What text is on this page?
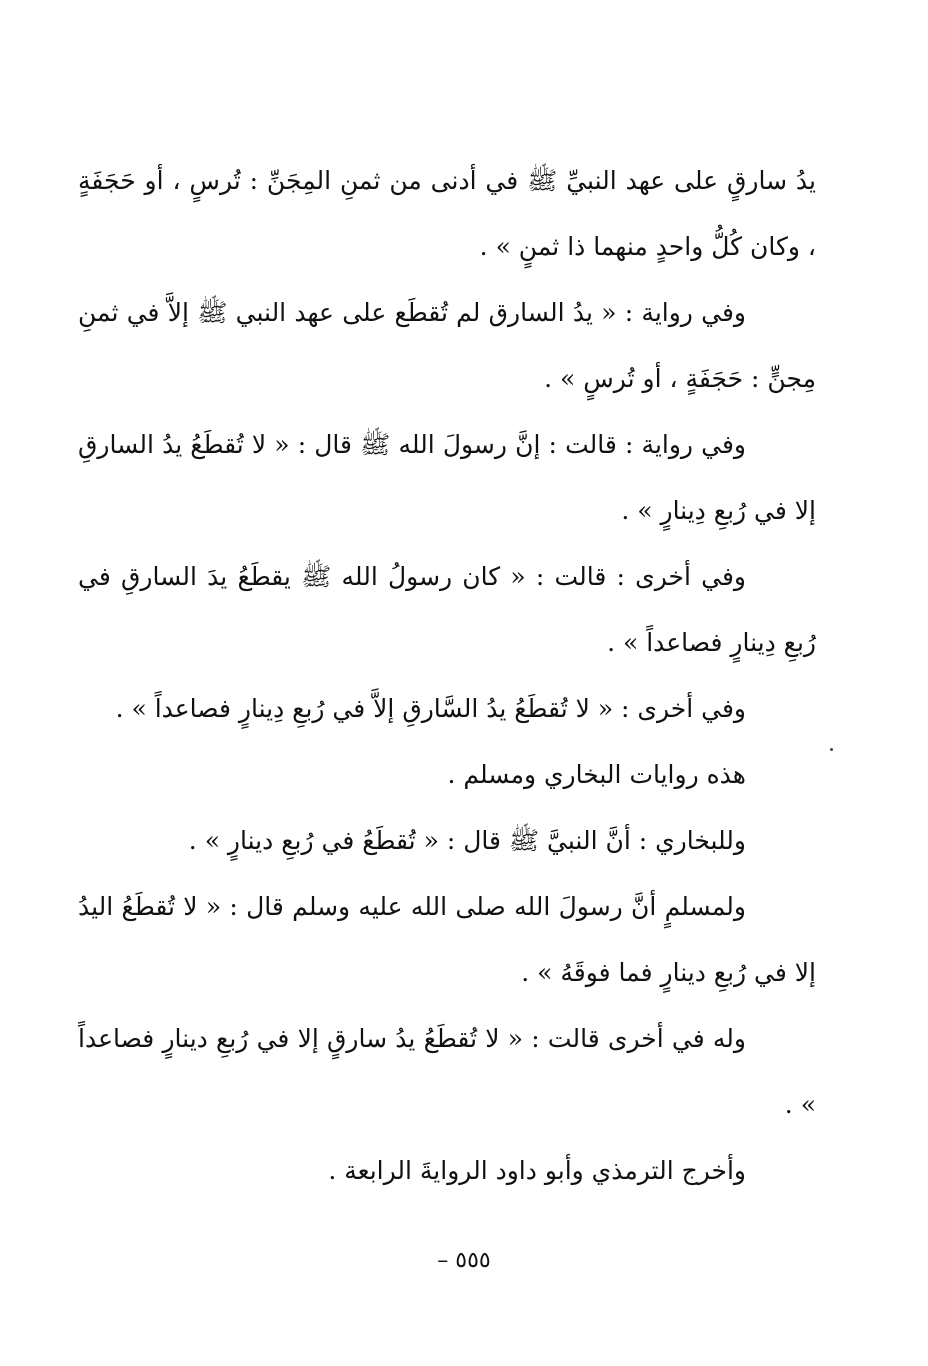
يدُ سارقٍ على عهد النبيِّ ﷺ في أدنى من ثمنِ المِجَنِّ : تُرسٍ ، أو حَجَفَةٍ ، وكان كُلُّ واحدٍ منهما ذا ثمنٍ » .

وفي رواية : « يدُ السارق لم تُقطَع على عهد النبي ﷺ إلاَّ في ثمنِ مِجنٍّ : حَجَفَةٍ ، أو تُرسٍ » .

وفي رواية : قالت : إنَّ رسولَ الله ﷺ قال : « لا تُقطَعُ يدُ السارقِ إلا في رُبعِ دِينارٍ » .

وفي أخرى : قالت : « كان رسولُ الله ﷺ يقطَعُ يدَ السارقِ في رُبعِ دِينارٍ فصاعداً » .

وفي أخرى : « لا تُقطَعُ يدُ السَّارقِ إلاَّ في رُبعِ دِينارٍ فصاعداً » .

هذه روايات البخاري ومسلم .

وللبخاري : أنَّ النبيَّ ﷺ قال : « تُقطَعُ في رُبعِ دينارٍ » .

ولمسلمٍ أنَّ رسولَ الله صلى الله عليه وسلم قال : « لا تُقطَعُ اليدُ إلا في رُبعِ دينارٍ فما فوقَهُ » .

وله في أخرى قالت : « لا تُقطَعُ يدُ سارقٍ إلا في رُبعِ دينارٍ فصاعداً » .

وأخرج الترمذي وأبو داود الروايةَ الرابعة .

٥٥٥ –
